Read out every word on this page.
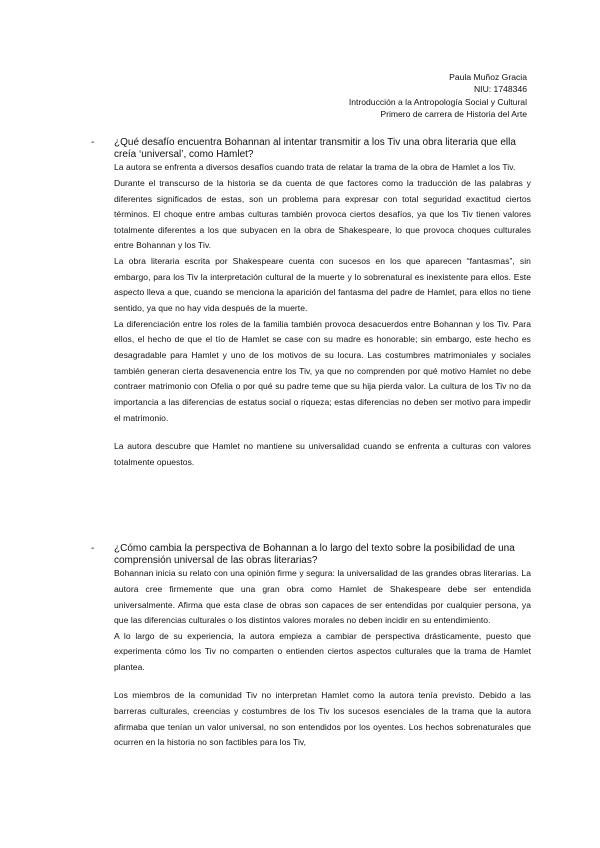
Paula Muñoz Gracia
NIU: 1748346
Introducción a la Antropología Social y Cultural
Primero de carrera de Historia del Arte
- ¿Qué desafío encuentra Bohannan al intentar transmitir a los Tiv una obra literaria que ella creía ‘universal’, como Hamlet?

La autora se enfrenta a diversos desafíos cuando trata de relatar la trama de la obra de Hamlet a los Tiv.

Durante el transcurso de la historia se da cuenta de que factores como la traducción de las palabras y diferentes significados de estas, son un problema para expresar con total seguridad exactitud ciertos términos. El choque entre ambas culturas también provoca ciertos desafíos, ya que los Tiv tienen valores totalmente diferentes a los que subyacen en la obra de Shakespeare, lo que provoca choques culturales entre Bohannan y los Tiv.

La obra literaria escrita por Shakespeare cuenta con sucesos en los que aparecen “fantasmas”, sin embargo, para los Tiv la interpretación cultural de la muerte y lo sobrenatural es inexistente para ellos. Este aspecto lleva a que, cuando se menciona la aparición del fantasma del padre de Hamlet, para ellos no tiene sentido, ya que no hay vida después de la muerte.

La diferenciación entre los roles de la familia también provoca desacuerdos entre Bohannan y los Tiv. Para ellos, el hecho de que el tío de Hamlet se case con su madre es honorable; sin embargo, este hecho es desagradable para Hamlet y uno de los motivos de su locura. Las costumbres matrimoniales y sociales también generan cierta desavenencia entre los Tiv, ya que no comprenden por qué motivo Hamlet no debe contraer matrimonio con Ofelia o por qué su padre teme que su hija pierda valor. La cultura de los Tiv no da importancia a las diferencias de estatus social o riqueza; estas diferencias no deben ser motivo para impedir el matrimonio.

La autora descubre que Hamlet no mantiene su universalidad cuando se enfrenta a culturas con valores totalmente opuestos.

- ¿Cómo cambia la perspectiva de Bohannan a lo largo del texto sobre la posibilidad de una comprensión universal de las obras literarias?

Bohannan inicia su relato con una opinión firme y segura: la universalidad de las grandes obras literarias. La autora cree firmemente que una gran obra como Hamlet de Shakespeare debe ser entendida universalmente. Afirma que esta clase de obras son capaces de ser entendidas por cualquier persona, ya que las diferencias culturales o los distintos valores morales no deben incidir en su entendimiento.

A lo largo de su experiencia, la autora empieza a cambiar de perspectiva drásticamente, puesto que experimenta cómo los Tiv no comparten o entienden ciertos aspectos culturales que la trama de Hamlet plantea.

Los miembros de la comunidad Tiv no interpretan Hamlet como la autora tenía previsto. Debido a las barreras culturales, creencias y costumbres de los Tiv los sucesos esenciales de la trama que la autora afirmaba que tenían un valor universal, no son entendidos por los oyentes. Los hechos sobrenaturales que ocurren en la historia no son factibles para los Tiv,
